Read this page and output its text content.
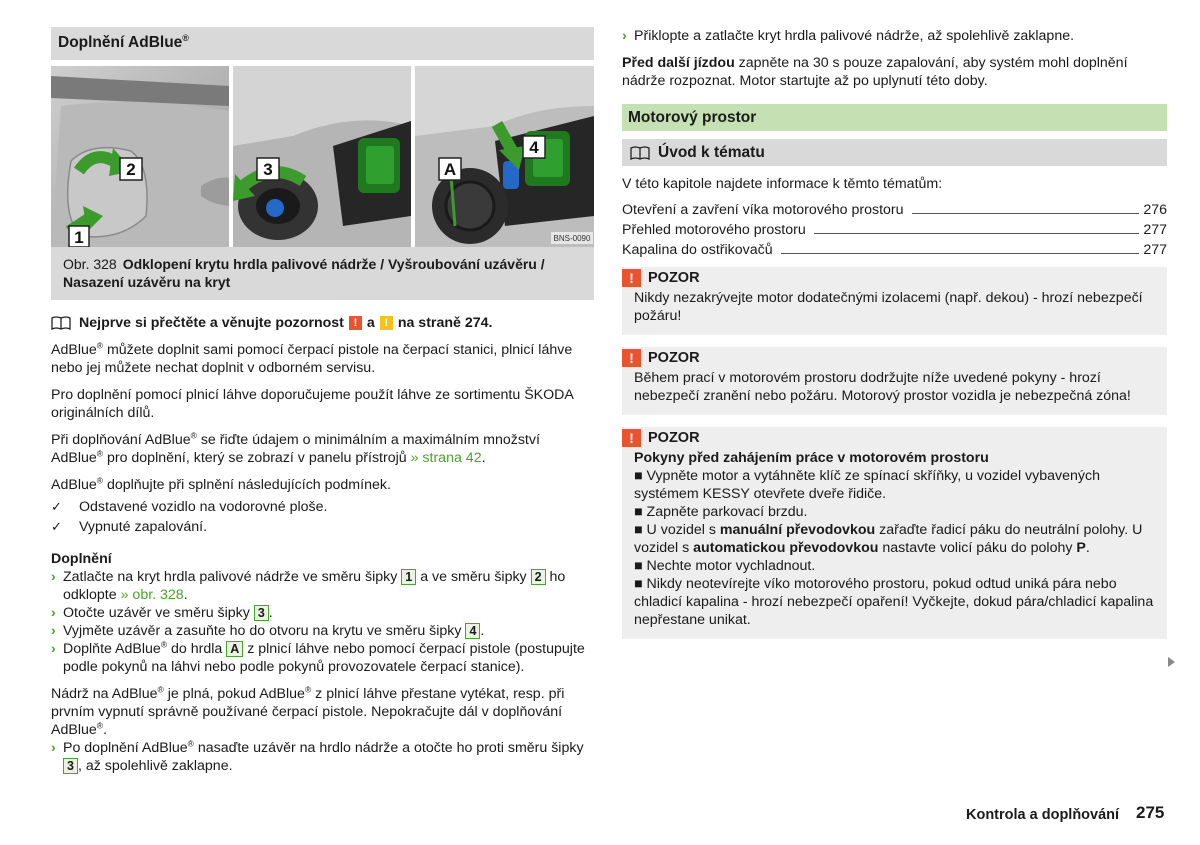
Doplnění AdBlue®
1
2	3	A
4
BNS-0090
Obr. 328 Odklopení krytu hrdla palivové nádrže / Vyšroubování uzávěru / Nasazení uzávěru na kryt
Nejprve si přečtěte a věnujte pozornost ! a ! na straně 274.
AdBlue® můžete doplnit sami pomocí čerpací pistole na čerpací stanici, plnicí láhve nebo jej můžete nechat doplnit v odborném servisu.
Pro doplnění pomocí plnicí láhve doporučujeme použít láhve ze sortimentu ŠKODA originálních dílů.
Při doplňování AdBlue® se řiďte údajem o minimálním a maximálním množství AdBlue® pro doplnění, který se zobrazí v panelu přístrojů » strana 42.
AdBlue® doplňujte při splnění následujících podmínek.
✓ Odstavené vozidlo na vodorovné ploše.
✓ Vypnuté zapalování.
Doplnění
› Zatlačte na kryt hrdla palivové nádrže ve směru šipky 1 a ve směru šipky 2 ho odklopte » obr. 328.
› Otočte uzávěr ve směru šipky 3 .
› Vyjměte uzávěr a zasuňte ho do otvoru na krytu ve směru šipky 4 .
› Doplňte AdBlue® do hrdla A z plnicí láhve nebo pomocí čerpací pistole (postupujte podle pokynů na láhvi nebo podle pokynů provozovatele čerpací stanice).
Nádrž na AdBlue® je plná, pokud AdBlue® z plnicí láhve přestane vytékat, resp. při prvním vypnutí správně používané čerpací pistole. Nepokračujte dál v doplňování AdBlue®.
› Po doplnění AdBlue® nasaďte uzávěr na hrdlo nádrže a otočte ho proti směru šipky 3 , až spolehlivě zaklapne.
› Přiklopte a zatlačte kryt hrdla palivové nádrže, až spolehlivě zaklapne.
Před další jízdou zapněte na 30 s pouze zapalování, aby systém mohl doplnění nádrže rozpoznat. Motor startujte až po uplynutí této doby.
Motorový prostor
Úvod k tématu
V této kapitole najdete informace k těmto tématům:
Otevření a zavření víka motorového prostoru	276
Přehled motorového prostoru	277
Kapalina do ostřikovačů	277
! POZOR
Nikdy nezakrývejte motor dodatečnými izolacemi (např. dekou) - hrozí nebezpečí požáru!
! POZOR
Během prací v motorovém prostoru dodržujte níže uvedené pokyny - hrozí nebezpečí zranění nebo požáru. Motorový prostor vozidla je nebezpečná zóna!
! POZOR
Pokyny před zahájením práce v motorovém prostoru
■ Vypněte motor a vytáhněte klíč ze spínací skříňky, u vozidel vybavených systémem KESSY otevřete dveře řidiče.
■ Zapněte parkovací brzdu.
■ U vozidel s manuální převodovkou zařaďte řadicí páku do neutrální polohy. U vozidel s automatickou převodovkou nastavte volicí páku do polohy P.
■ Nechte motor vychladnout.
■ Nikdy neotevírejte víko motorového prostoru, pokud odtud uniká pára nebo chladicí kapalina - hrozí nebezpečí opaření! Vyčkejte, dokud pára/chladicí kapalina nepřestane unikat.
Kontrola a doplňování 275
